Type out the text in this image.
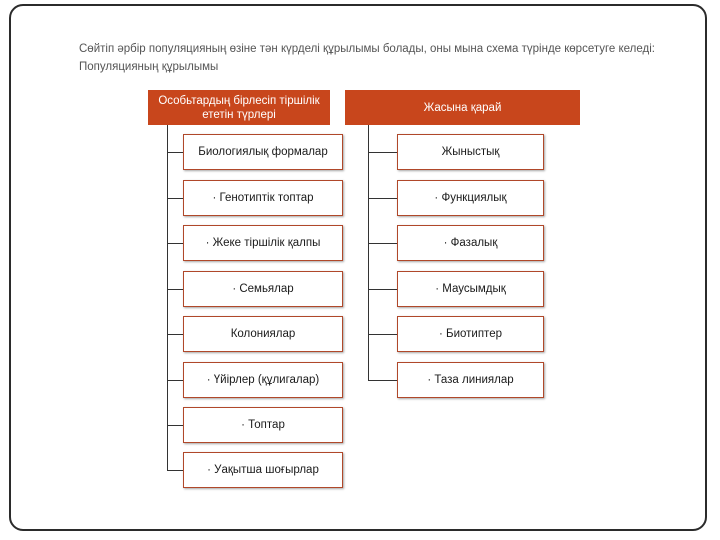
Сөйтіп әрбір популяцияның өзіне тән күрделі құрылымы болады, оны мына схема түрінде көрсетуге келеді: Популяцияның құрылымы

Особьтардың бірлесіп тіршілік ететін түрлері
Биологиялық формалар
· Генотиптік топтар
· Жеке тіршілік қалпы
· Семьялар
Колониялар
· Үйірлер (құлигалар)
· Топтар
· Уақытша шоғырлар
Жасына қарай
Жыныстық
· Функциялық
· Фазалық
· Маусымдық
· Биотиптер
· Таза линиялар
